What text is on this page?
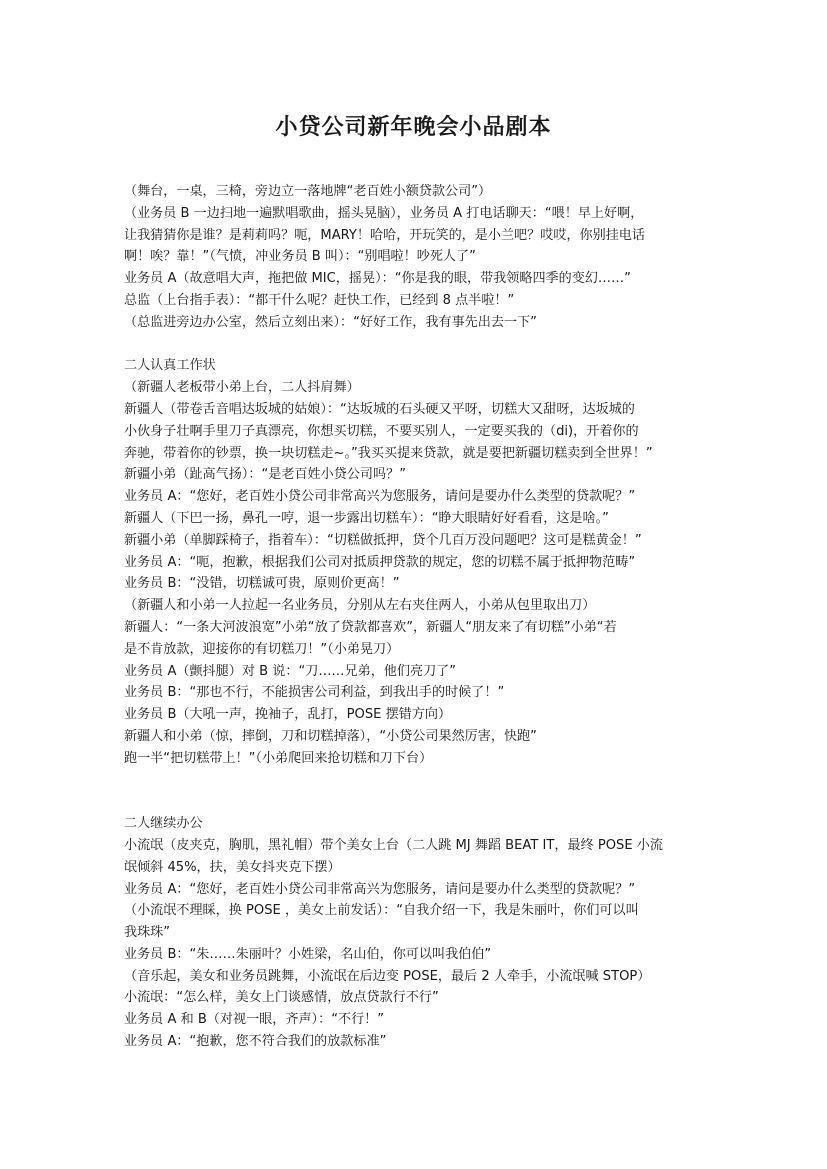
小贷公司新年晚会小品剧本

（舞台，一桌，三椅，旁边立一落地牌“老百姓小额贷款公司”）

（业务员 B 一边扫地一遍默唱歌曲，摇头晃脑），业务员 A 打电话聊天：“喂！早上好啊，

让我猜猜你是谁？是莉莉吗？呃，MARY！哈哈，开玩笑的，是小兰吧？哎哎，你别挂电话

啊！唉？靠！”（气愤，冲业务员 B 叫）：“别唱啦！吵死人了”

业务员 A（故意唱大声，拖把做 MIC，摇晃）：“你是我的眼，带我领略四季的变幻……”

总监（上台指手表）：“都干什么呢？赶快工作，已经到 8 点半啦！”

（总监进旁边办公室，然后立刻出来）：“好好工作，我有事先出去一下”

二人认真工作状

（新疆人老板带小弟上台，二人抖肩舞）

新疆人（带卷舌音唱达坂城的姑娘）：“达坂城的石头硬又平呀，切糕大又甜呀，达坂城的

小伙身子壮啊手里刀子真漂亮，你想买切糕，不要买别人，一定要买我的（di)，开着你的

奔驰，带着你的钞票，换一块切糕走~。”我买买提来贷款，就是要把新疆切糕卖到全世界！”

新疆小弟（趾高气扬）：“是老百姓小贷公司吗？”

业务员 A：“您好，老百姓小贷公司非常高兴为您服务，请问是要办什么类型的贷款呢？”

新疆人（下巴一扬，鼻孔一哼，退一步露出切糕车）：“睁大眼睛好好看看，这是啥。”

新疆小弟（单脚踩椅子，指着车）：“切糕做抵押，贷个几百万没问题吧？这可是糕黄金！”

业务员 A：“呃，抱歉，根据我们公司对抵质押贷款的规定，您的切糕不属于抵押物范畴”

业务员 B：“没错，切糕诚可贵，原则价更高！”

（新疆人和小弟一人拉起一名业务员，分别从左右夹住两人，小弟从包里取出刀）

新疆人：“一条大河波浪宽”小弟“放了贷款都喜欢”，新疆人“朋友来了有切糕”小弟“若

是不肯放款，迎接你的有切糕刀！”（小弟晃刀）

业务员 A（颤抖腿）对 B 说：“刀……兄弟，他们亮刀了”

业务员 B：“那也不行，不能损害公司利益，到我出手的时候了！”

业务员 B（大吼一声，挽袖子，乱打，POSE 摆错方向）

新疆人和小弟（惊，摔倒，刀和切糕掉落），“小贷公司果然厉害，快跑”

跑一半“把切糕带上！”（小弟爬回来抢切糕和刀下台）

二人继续办公

小流氓（皮夹克，胸肌，黑礼帽）带个美女上台（二人跳 MJ 舞蹈 BEAT IT，最终 POSE 小流

氓倾斜 45%，扶，美女抖夹克下摆）

业务员 A：“您好，老百姓小贷公司非常高兴为您服务，请问是要办什么类型的贷款呢？”

（小流氓不理睬，换 POSE ，美女上前发话）：“自我介绍一下，我是朱丽叶，你们可以叫

我珠珠”

业务员 B：“朱……朱丽叶？小姓梁，名山伯，你可以叫我伯伯”

（音乐起，美女和业务员跳舞，小流氓在后边变 POSE，最后 2 人牵手，小流氓喊 STOP）

小流氓：“怎么样，美女上门谈感情，放点贷款行不行”

业务员 A 和 B（对视一眼，齐声）：“不行！”

业务员 A：“抱歉，您不符合我们的放款标准”
